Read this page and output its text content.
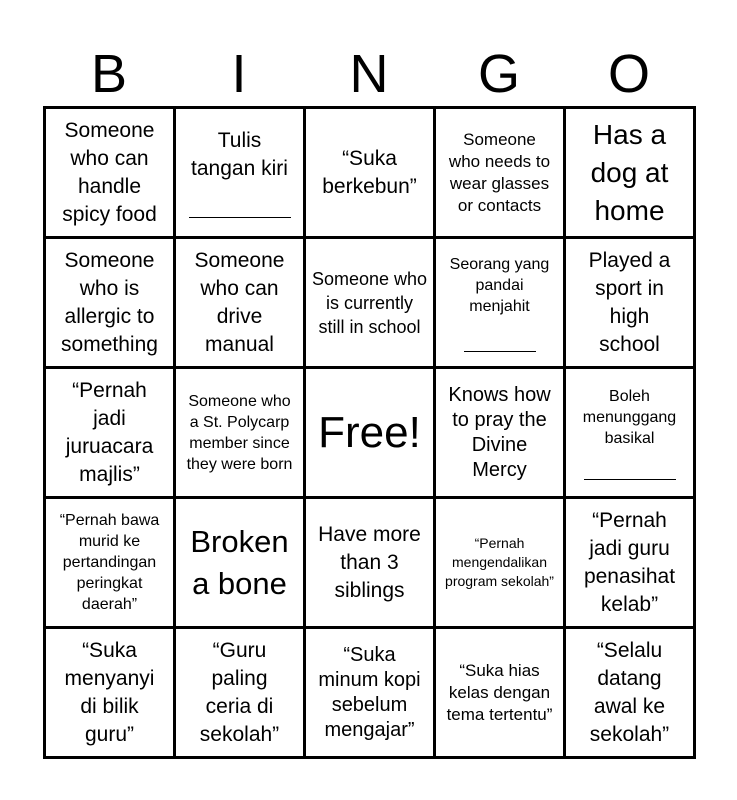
B	I	N	G	O
Someone who can handle spicy food	Tulis tangan kiri	“Suka berkebun”	Someone who needs to wear glasses or contacts	Has a dog at home

Someone who is allergic to something	Someone who can drive manual	Someone who is currently still in school	Seorang yang pandai menjahit	Played a sport in high school

“Pernah jadi juruacara majlis”	Someone who a St. Polycarp member since they were born	Free!	Knows how to pray the Divine Mercy	Boleh menunggang basikal

“Pernah bawa murid ke pertandingan peringkat daerah”	Broken a bone	Have more than 3 siblings	“Pernah mengendalikan program sekolah”	“Pernah jadi guru penasihat kelab”

“Suka menyanyi di bilik guru”	“Guru paling ceria di sekolah”	“Suka minum kopi sebelum mengajar”	“Suka hias kelas dengan tema tertentu”	“Selalu datang awal ke sekolah”
